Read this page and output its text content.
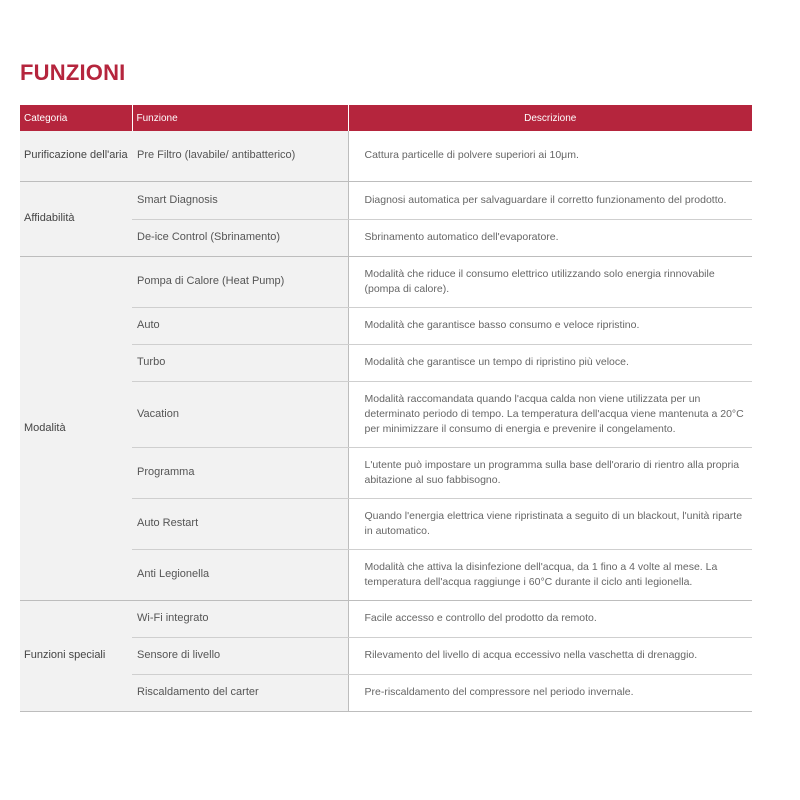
FUNZIONI
Categoria	Funzione	Descrizione
Purificazione dell'aria	Pre Filtro (lavabile/ antibatterico)	Cattura particelle di polvere superiori ai 10μm.
Affidabilità	Smart Diagnosis	Diagnosi automatica per salvaguardare il corretto funzionamento del prodotto.
	De-ice Control (Sbrinamento)	Sbrinamento automatico dell'evaporatore.
Modalità	Pompa di Calore (Heat Pump)	Modalità che riduce il consumo elettrico utilizzando solo energia rinnovabile (pompa di calore).
	Auto	Modalità che garantisce basso consumo e veloce ripristino.
	Turbo	Modalità che garantisce un tempo di ripristino più veloce.
	Vacation	Modalità raccomandata quando l'acqua calda non viene utilizzata per un determinato periodo di tempo. La temperatura dell'acqua viene mantenuta a 20°C per minimizzare il consumo di energia e prevenire il congelamento.
	Programma	L'utente può impostare un programma sulla base dell'orario di rientro alla propria abitazione al suo fabbisogno.
	Auto Restart	Quando l'energia elettrica viene ripristinata a seguito di un blackout, l'unità riparte in automatico.
	Anti Legionella	Modalità che attiva la disinfezione dell'acqua, da 1 fino a 4 volte al mese. La temperatura dell'acqua raggiunge i 60°C durante il ciclo anti legionella.
Funzioni speciali	Wi-Fi integrato	Facile accesso e controllo del prodotto da remoto.
	Sensore di livello	Rilevamento del livello di acqua eccessivo nella vaschetta di drenaggio.
	Riscaldamento del carter	Pre-riscaldamento del compressore nel periodo invernale.
